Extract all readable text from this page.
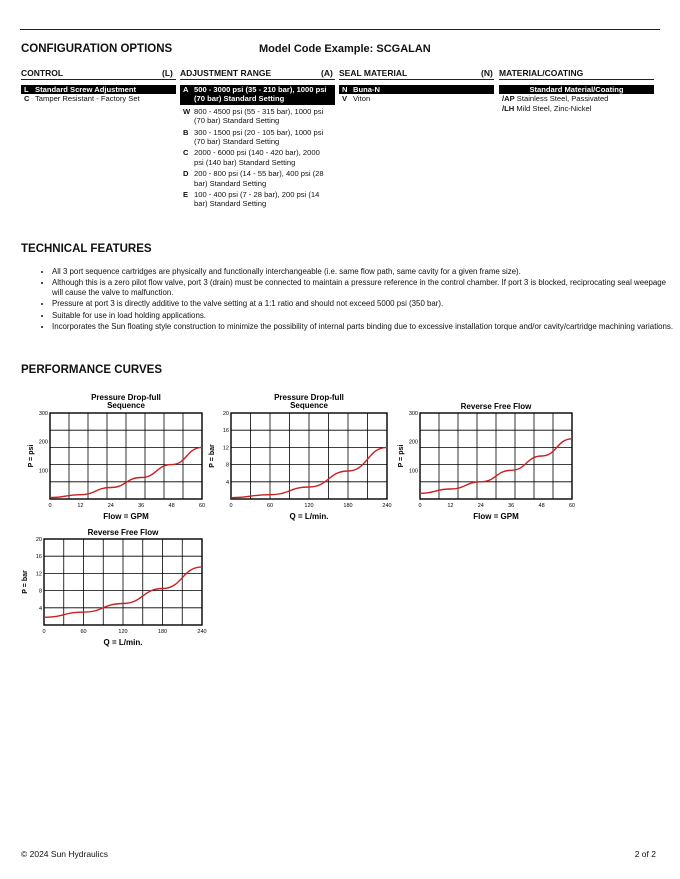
CONFIGURATION OPTIONS	Model Code Example: SCGALAN
CONTROL	(L) ADJUSTMENT RANGE	(A) SEAL MATERIAL	(N) MATERIAL/COATING
L Standard Screw Adjustment
C Tamper Resistant - Factory Set
A 500 - 3000 psi (35 - 210 bar), 1000 psi
(70 bar) Standard Setting
W 800 - 4500 psi (55 - 315 bar), 1000 psi
(70 bar) Standard Setting
B 300 - 1500 psi (20 - 105 bar), 1000 psi
(70 bar) Standard Setting
C 2000 - 6000 psi (140 - 420 bar), 2000
psi (140 bar) Standard Setting
D 200 - 800 psi (14 - 55 bar), 400 psi (28
bar) Standard Setting
E 100 - 400 psi (7 - 28 bar), 200 psi (14
bar) Standard Setting
N Buna-N
V Viton
Standard Material/Coating
/AP Stainless Steel, Passivated
/LH Mild Steel, Zinc-Nickel
TECHNICAL FEATURES
• All 3 port sequence cartridges are physically and functionally interchangeable (i.e. same flow path, same cavity for a given frame size).
• Although this is a zero pilot flow valve, port 3 (drain) must be connected to maintain a pressure reference in the control chamber. If port 3 is blocked, reciprocating seal weepage will cause the valve to malfunction.
• Pressure at port 3 is directly additive to the valve setting at a 1:1 ratio and should not exceed 5000 psi (350 bar).
• Suitable for use in load holding applications.
• Incorporates the Sun floating style construction to minimize the possibility of internal parts binding due to excessive installation torque and/or cavity/cartridge machining variations.
PERFORMANCE CURVES
Pressure Drop-full
Sequence
0	12	24	36	48	60
100
200
300
Flow = GPM
P = psi
Pressure Drop-full
Sequence
0	60	120	180	240
4
8
12
16
20
Q = L/min.
P = bar
Reverse Free Flow
0	12	24	36	48	60
100
200
300
Flow = GPM
P = psi
Reverse Free Flow
0	60	120	180	240
4
8
12
16
20
Q = L/min.
P = bar
© 2024 Sun Hydraulics	2 of 2
